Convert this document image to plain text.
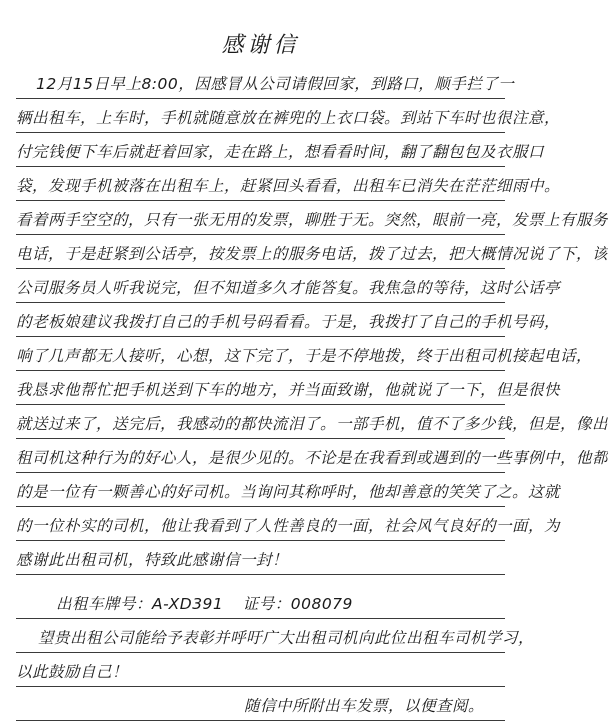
感谢信
12月15日早上8:00，因感冒从公司请假回家，到路口，顺手拦了一
辆出租车，上车时，手机就随意放在裤兜的上衣口袋。到站下车时也很注意，
付完钱便下车后就赶着回家，走在路上，想看看时间，翻了翻包包及衣服口
袋，发现手机被落在出租车上，赶紧回头看看，出租车已消失在茫茫细雨中。
看着两手空空的，只有一张无用的发票，聊胜于无。突然，眼前一亮，发票上有服务
电话，于是赶紧到公话亭，按发票上的服务电话，拨了过去，把大概情况说了下，该
公司服务员人听我说完，但不知道多久才能答复。我焦急的等待，这时公话亭
的老板娘建议我拨打自己的手机号码看看。于是，我拨打了自己的手机号码，
响了几声都无人接听，心想，这下完了，于是不停地拨，终于出租司机接起电话，
我恳求他帮忙把手机送到下车的地方，并当面致谢，他就说了一下，但是很快
就送过来了，送完后，我感动的都快流泪了。一部手机，值不了多少钱，但是，像出
租司机这种行为的好心人，是很少见的。不论是在我看到或遇到的一些事例中，他都
的是一位有一颗善心的好司机。当询问其称呼时，他却善意的笑笑了之。这就
的一位朴实的司机，他让我看到了人性善良的一面，社会风气良好的一面，为
感谢此出租司机，特致此感谢信一封！
出租车牌号：A-XD391 证号：008079
望贵出租公司能给予表彰并呼吁广大出租司机向此位出租车司机学习，
以此鼓励自己！
随信中所附出车发票，以便查阅。
